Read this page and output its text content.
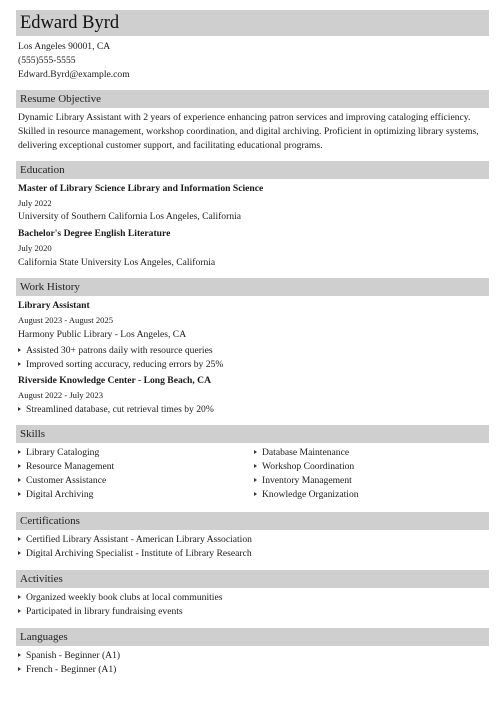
Edward Byrd
Los Angeles 90001, CA
(555)555-5555
Edward.Byrd@example.com
Resume Objective
Dynamic Library Assistant with 2 years of experience enhancing patron services and improving cataloging efficiency. Skilled in resource management, workshop coordination, and digital archiving. Proficient in optimizing library systems, delivering exceptional customer support, and facilitating educational programs.
Education
Master of Library Science Library and Information Science
July 2022
University of Southern California Los Angeles, California
Bachelor's Degree English Literature
July 2020
California State University Los Angeles, California
Work History
Library Assistant
August 2023 - August 2025
Harmony Public Library - Los Angeles, CA
Assisted 30+ patrons daily with resource queries
Improved sorting accuracy, reducing errors by 25%
Riverside Knowledge Center - Long Beach, CA
August 2022 - July 2023
Streamlined database, cut retrieval times by 20%
Skills
Library Cataloging
Resource Management
Customer Assistance
Digital Archiving
Database Maintenance
Workshop Coordination
Inventory Management
Knowledge Organization
Certifications
Certified Library Assistant - American Library Association
Digital Archiving Specialist - Institute of Library Research
Activities
Organized weekly book clubs at local communities
Participated in library fundraising events
Languages
Spanish - Beginner (A1)
French - Beginner (A1)
